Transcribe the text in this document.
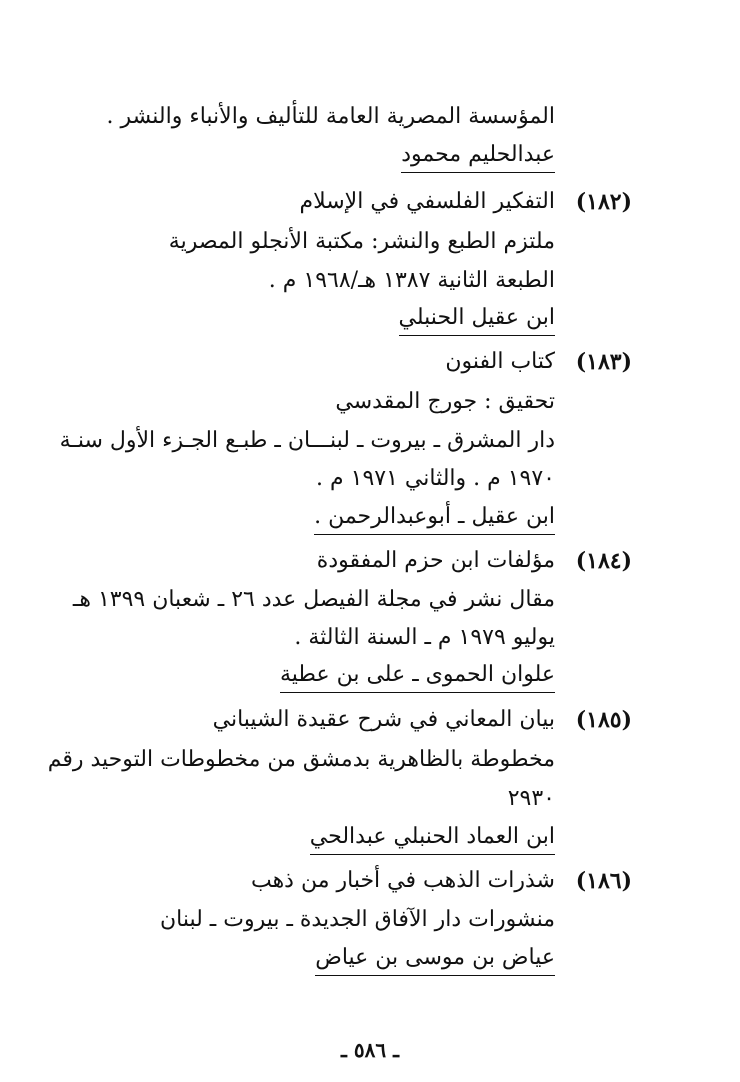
المؤسسة المصرية العامة للتأليف والأنباء والنشر .
عبدالحليم محمود
(١٨٢)
التفكير الفلسفي في الإسلام
ملتزم الطبع والنشر: مكتبة الأنجلو المصرية
الطبعة الثانية ١٣٨٧ هـ/١٩٦٨ م .
ابن عقيل الحنبلي
(١٨٣)
كتاب الفنون
تحقيق : جورج المقدسي
دار المشرق ـ بيروت ـ لبنـــان ـ طبـع الجـزء الأول سنـة
١٩٧٠ م . والثاني ١٩٧١ م .
ابن عقيل ـ أبوعبدالرحمن .
(١٨٤)
مؤلفات ابن حزم المفقودة
مقال نشر في مجلة الفيصل عدد ٢٦ ـ شعبان ١٣٩٩ هـ
يوليو ١٩٧٩ م ـ السنة الثالثة .
علوان الحموى ـ على بن عطية
(١٨٥)
بيان المعاني في شرح عقيدة الشيباني
مخطوطة بالظاهرية بدمشق من مخطوطات التوحيد رقم
٢٩٣٠
ابن العماد الحنبلي عبدالحي
(١٨٦)
شذرات الذهب في أخبار من ذهب
منشورات دار الآفاق الجديدة ـ بيروت ـ لبنان
عياض بن موسى بن عياض
ـ ٥٨٦ ـ
